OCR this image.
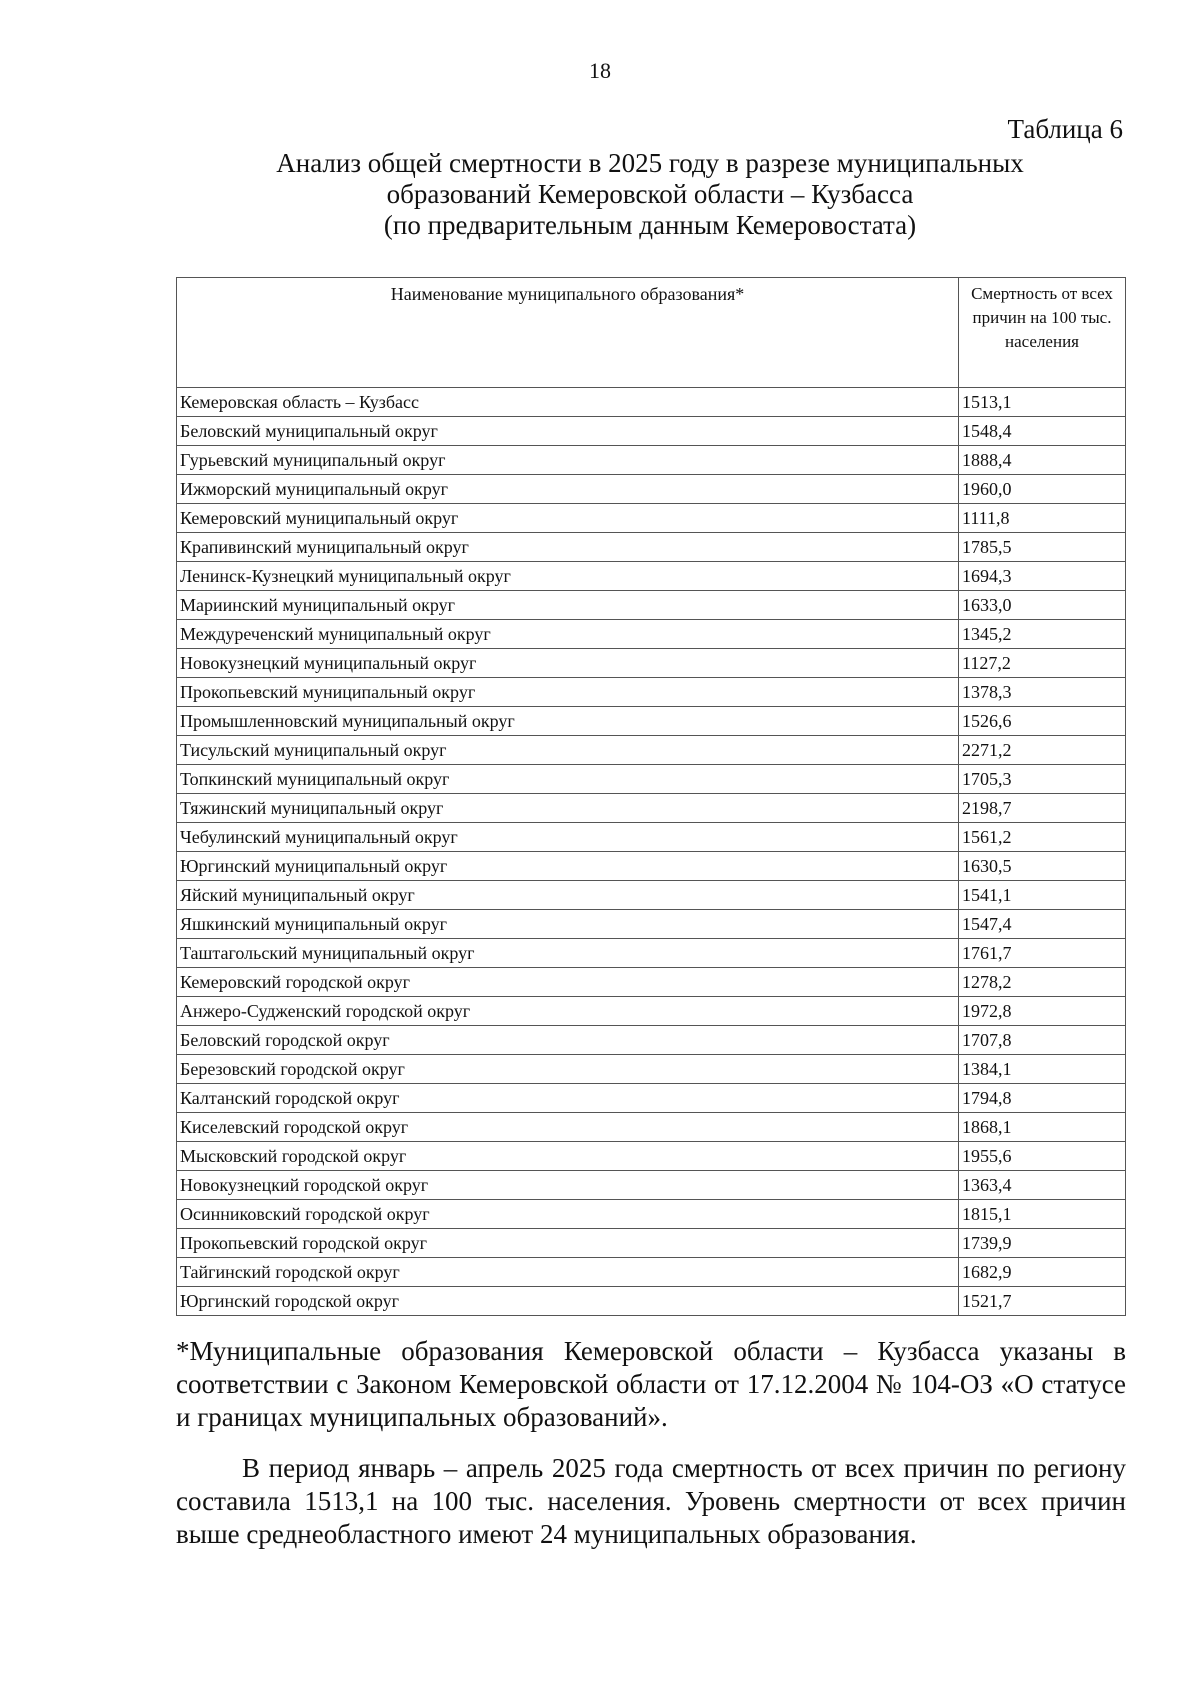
18
Таблица 6
Анализ общей смертности в 2025 году в разрезе муниципальных
образований Кемеровской области – Кузбасса
(по предварительным данным Кемеровостата)
Наименование муниципального образования*	Смертность от всех причин на 100 тыс. населения
Кемеровская область – Кузбасс	1513,1
Беловский муниципальный округ	1548,4
Гурьевский муниципальный округ	1888,4
Ижморский муниципальный округ	1960,0
Кемеровский муниципальный округ	1111,8
Крапивинский муниципальный округ	1785,5
Ленинск-Кузнецкий муниципальный округ	1694,3
Мариинский муниципальный округ	1633,0
Междуреченский муниципальный округ	1345,2
Новокузнецкий муниципальный округ	1127,2
Прокопьевский муниципальный округ	1378,3
Промышленновский муниципальный округ	1526,6
Тисульский муниципальный округ	2271,2
Топкинский муниципальный округ	1705,3
Тяжинский муниципальный округ	2198,7
Чебулинский муниципальный округ	1561,2
Юргинский муниципальный округ	1630,5
Яйский муниципальный округ	1541,1
Яшкинский муниципальный округ	1547,4
Таштагольский муниципальный округ	1761,7
Кемеровский городской округ	1278,2
Анжеро-Судженский городской округ	1972,8
Беловский городской округ	1707,8
Березовский городской округ	1384,1
Калтанский городской округ	1794,8
Киселевский городской округ	1868,1
Мысковский городской округ	1955,6
Новокузнецкий городской округ	1363,4
Осинниковский городской округ	1815,1
Прокопьевский городской округ	1739,9
Тайгинский городской округ	1682,9
Юргинский городской округ	1521,7
*Муниципальные образования Кемеровской области – Кузбасса указаны в соответствии с Законом Кемеровской области от 17.12.2004 № 104-ОЗ «О статусе и границах муниципальных образований».
В период январь – апрель 2025 года смертность от всех причин по региону составила 1513,1 на 100 тыс. населения. Уровень смертности от всех причин выше среднеобластного имеют 24 муниципальных образования.
